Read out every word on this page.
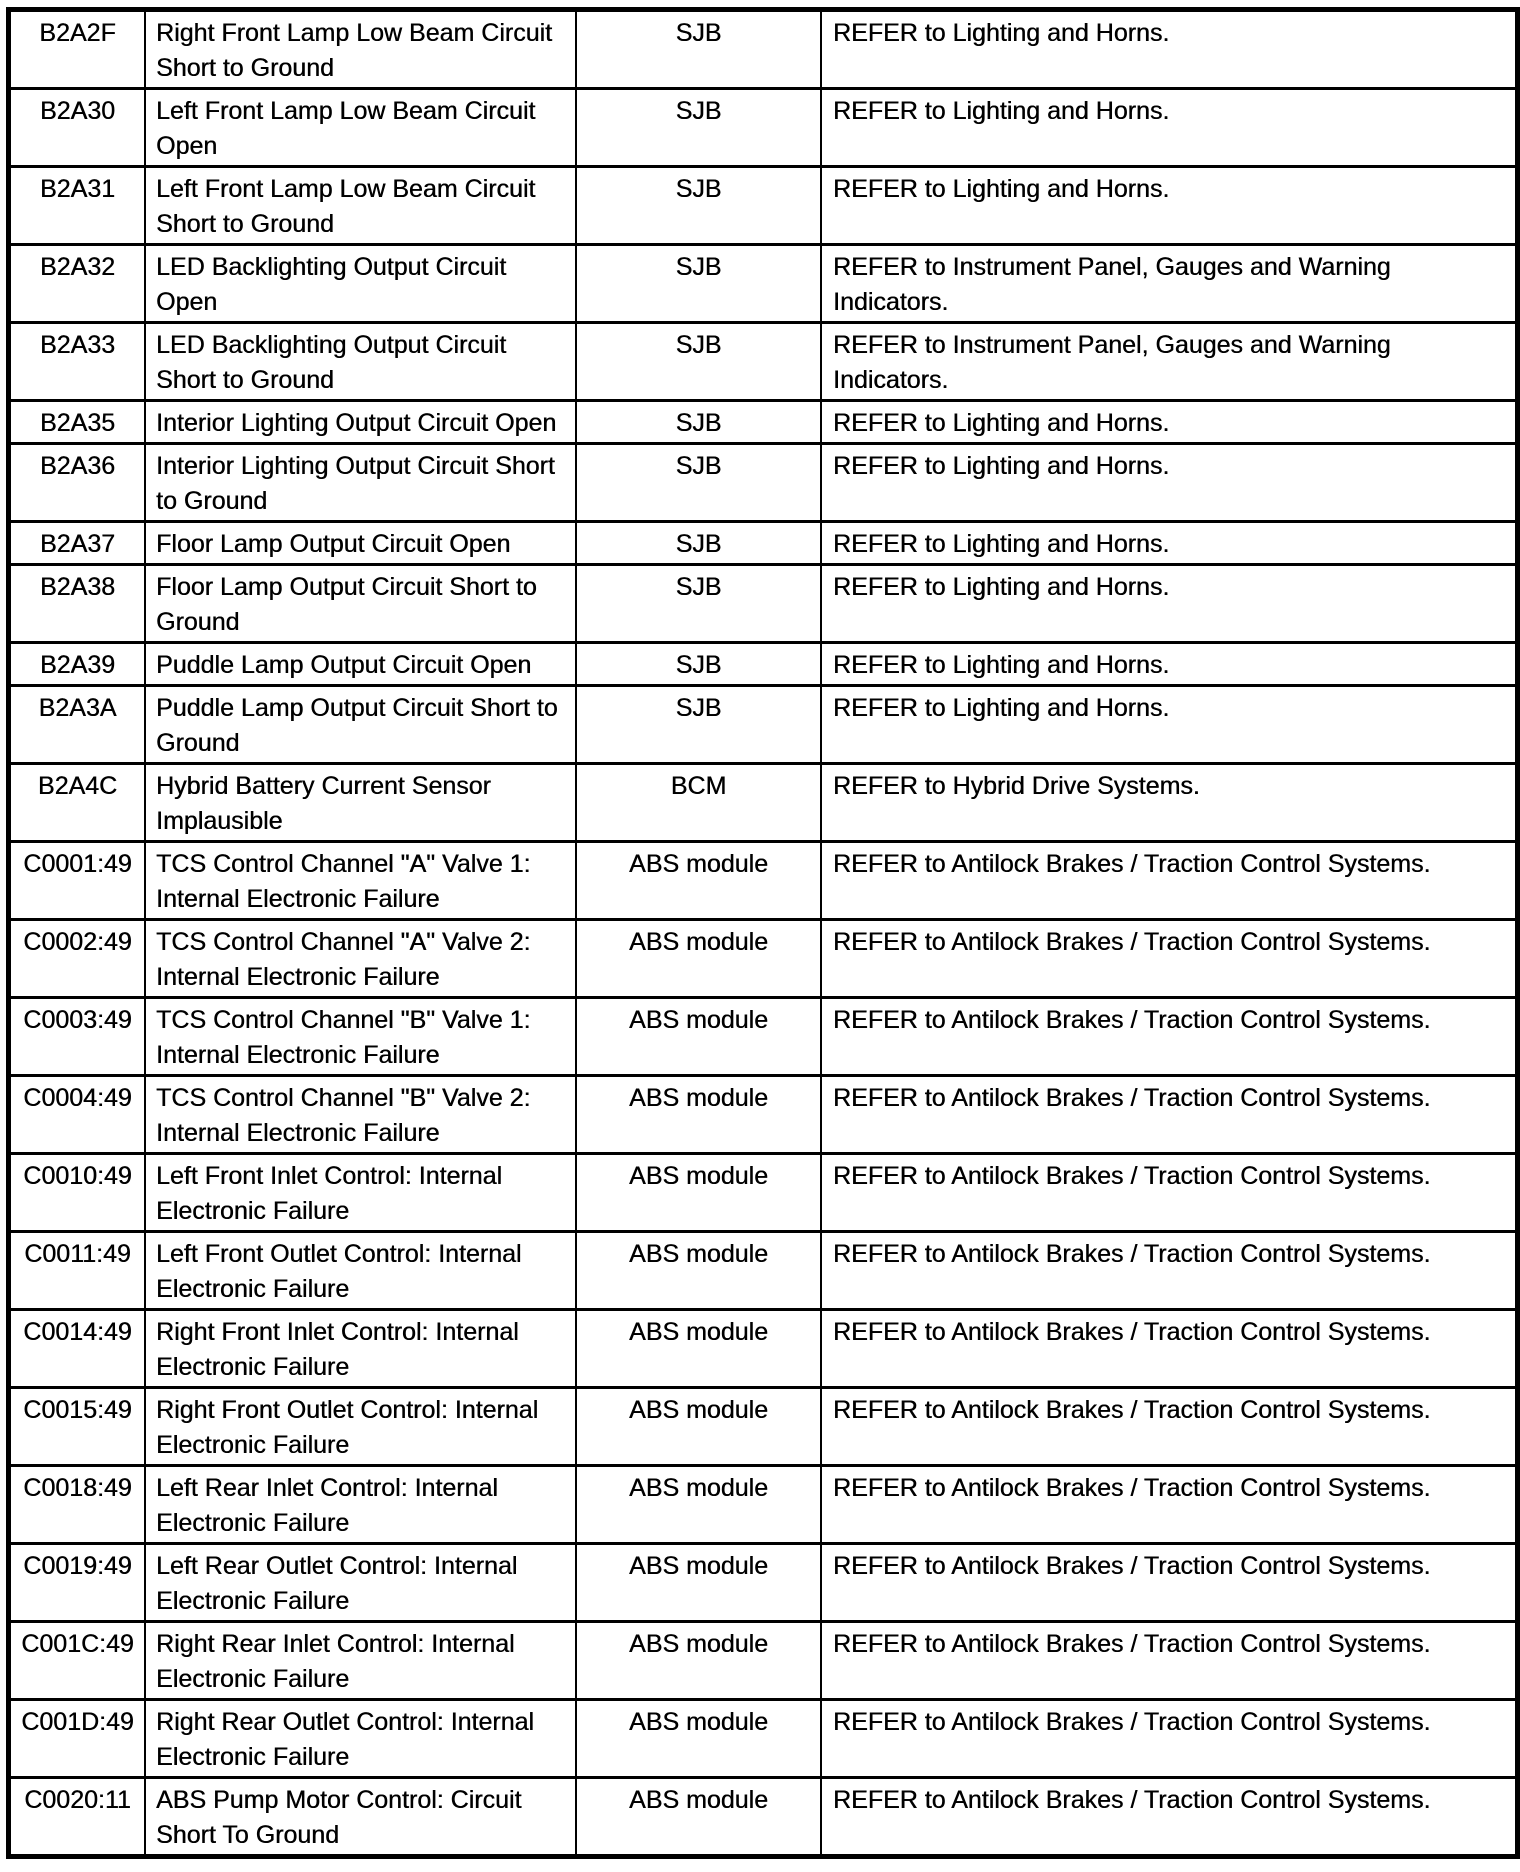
B2A2F	Right Front Lamp Low Beam Circuit Short to Ground	SJB	REFER to Lighting and Horns.
B2A30	Left Front Lamp Low Beam Circuit Open	SJB	REFER to Lighting and Horns.
B2A31	Left Front Lamp Low Beam Circuit Short to Ground	SJB	REFER to Lighting and Horns.
B2A32	LED Backlighting Output Circuit Open	SJB	REFER to Instrument Panel, Gauges and Warning Indicators.
B2A33	LED Backlighting Output Circuit Short to Ground	SJB	REFER to Instrument Panel, Gauges and Warning Indicators.
B2A35	Interior Lighting Output Circuit Open	SJB	REFER to Lighting and Horns.
B2A36	Interior Lighting Output Circuit Short to Ground	SJB	REFER to Lighting and Horns.
B2A37	Floor Lamp Output Circuit Open	SJB	REFER to Lighting and Horns.
B2A38	Floor Lamp Output Circuit Short to Ground	SJB	REFER to Lighting and Horns.
B2A39	Puddle Lamp Output Circuit Open	SJB	REFER to Lighting and Horns.
B2A3A	Puddle Lamp Output Circuit Short to Ground	SJB	REFER to Lighting and Horns.
B2A4C	Hybrid Battery Current Sensor Implausible	BCM	REFER to Hybrid Drive Systems.
C0001:49	TCS Control Channel "A" Valve 1: Internal Electronic Failure	ABS module	REFER to Antilock Brakes / Traction Control Systems.
C0002:49	TCS Control Channel "A" Valve 2: Internal Electronic Failure	ABS module	REFER to Antilock Brakes / Traction Control Systems.
C0003:49	TCS Control Channel "B" Valve 1: Internal Electronic Failure	ABS module	REFER to Antilock Brakes / Traction Control Systems.
C0004:49	TCS Control Channel "B" Valve 2: Internal Electronic Failure	ABS module	REFER to Antilock Brakes / Traction Control Systems.
C0010:49	Left Front Inlet Control: Internal Electronic Failure	ABS module	REFER to Antilock Brakes / Traction Control Systems.
C0011:49	Left Front Outlet Control: Internal Electronic Failure	ABS module	REFER to Antilock Brakes / Traction Control Systems.
C0014:49	Right Front Inlet Control: Internal Electronic Failure	ABS module	REFER to Antilock Brakes / Traction Control Systems.
C0015:49	Right Front Outlet Control: Internal Electronic Failure	ABS module	REFER to Antilock Brakes / Traction Control Systems.
C0018:49	Left Rear Inlet Control: Internal Electronic Failure	ABS module	REFER to Antilock Brakes / Traction Control Systems.
C0019:49	Left Rear Outlet Control: Internal Electronic Failure	ABS module	REFER to Antilock Brakes / Traction Control Systems.
C001C:49	Right Rear Inlet Control: Internal Electronic Failure	ABS module	REFER to Antilock Brakes / Traction Control Systems.
C001D:49	Right Rear Outlet Control: Internal Electronic Failure	ABS module	REFER to Antilock Brakes / Traction Control Systems.
C0020:11	ABS Pump Motor Control: Circuit Short To Ground	ABS module	REFER to Antilock Brakes / Traction Control Systems.
